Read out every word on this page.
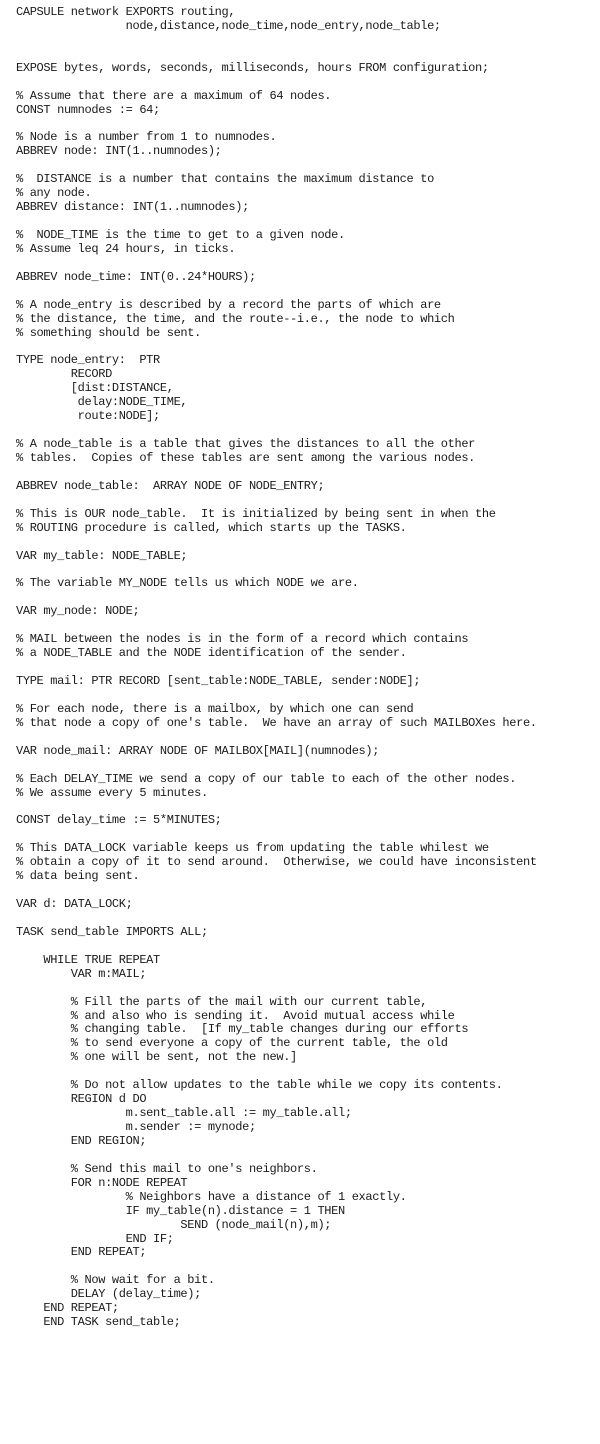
CAPSULE network EXPORTS routing,
node,distance,node_time,node_entry,node_table;
EXPOSE bytes, words, seconds, milliseconds, hours FROM configuration;
% Assume that there are a maximum of 64 nodes.
CONST numnodes := 64;
% Node is a number from 1 to numnodes.
ABBREV node: INT(1..numnodes);
%  DISTANCE is a number that contains the maximum distance to
% any node.
ABBREV distance: INT(1..numnodes);
%  NODE_TIME is the time to get to a given node.
% Assume leq 24 hours, in ticks.
ABBREV node_time: INT(0..24*HOURS);
% A node_entry is described by a record the parts of which are
% the distance, the time, and the route--i.e., the node to which
% something should be sent.
TYPE node_entry:  PTR
RECORD
[dist:DISTANCE,
delay:NODE_TIME,
route:NODE];
% A node_table is a table that gives the distances to all the other
% tables.  Copies of these tables are sent among the various nodes.
ABBREV node_table:  ARRAY NODE OF NODE_ENTRY;
% This is OUR node_table.  It is initialized by being sent in when the
% ROUTING procedure is called, which starts up the TASKS.
VAR my_table: NODE_TABLE;
% The variable MY_NODE tells us which NODE we are.
VAR my_node: NODE;
% MAIL between the nodes is in the form of a record which contains
% a NODE_TABLE and the NODE identification of the sender.
TYPE mail: PTR RECORD [sent_table:NODE_TABLE, sender:NODE];
% For each node, there is a mailbox, by which one can send
% that node a copy of one's table.  We have an array of such MAILBOXes here.
VAR node_mail: ARRAY NODE OF MAILBOX[MAIL](numnodes);
% Each DELAY_TIME we send a copy of our table to each of the other nodes.
% We assume every 5 minutes.
CONST delay_time := 5*MINUTES;
% This DATA_LOCK variable keeps us from updating the table whilest we
% obtain a copy of it to send around.  Otherwise, we could have inconsistent
% data being sent.
VAR d: DATA_LOCK;
TASK send_table IMPORTS ALL;
WHILE TRUE REPEAT
VAR m:MAIL;
% Fill the parts of the mail with our current table,
% and also who is sending it.  Avoid mutual access while
% changing table.  [If my_table changes during our efforts
% to send everyone a copy of the current table, the old
% one will be sent, not the new.]
% Do not allow updates to the table while we copy its contents.
REGION d DO
m.sent_table.all := my_table.all;
m.sender := mynode;
END REGION;
% Send this mail to one's neighbors.
FOR n:NODE REPEAT
% Neighbors have a distance of 1 exactly.
IF my_table(n).distance = 1 THEN
SEND (node_mail(n),m);
END IF;
END REPEAT;
% Now wait for a bit.
DELAY (delay_time);
END REPEAT;
END TASK send_table;
